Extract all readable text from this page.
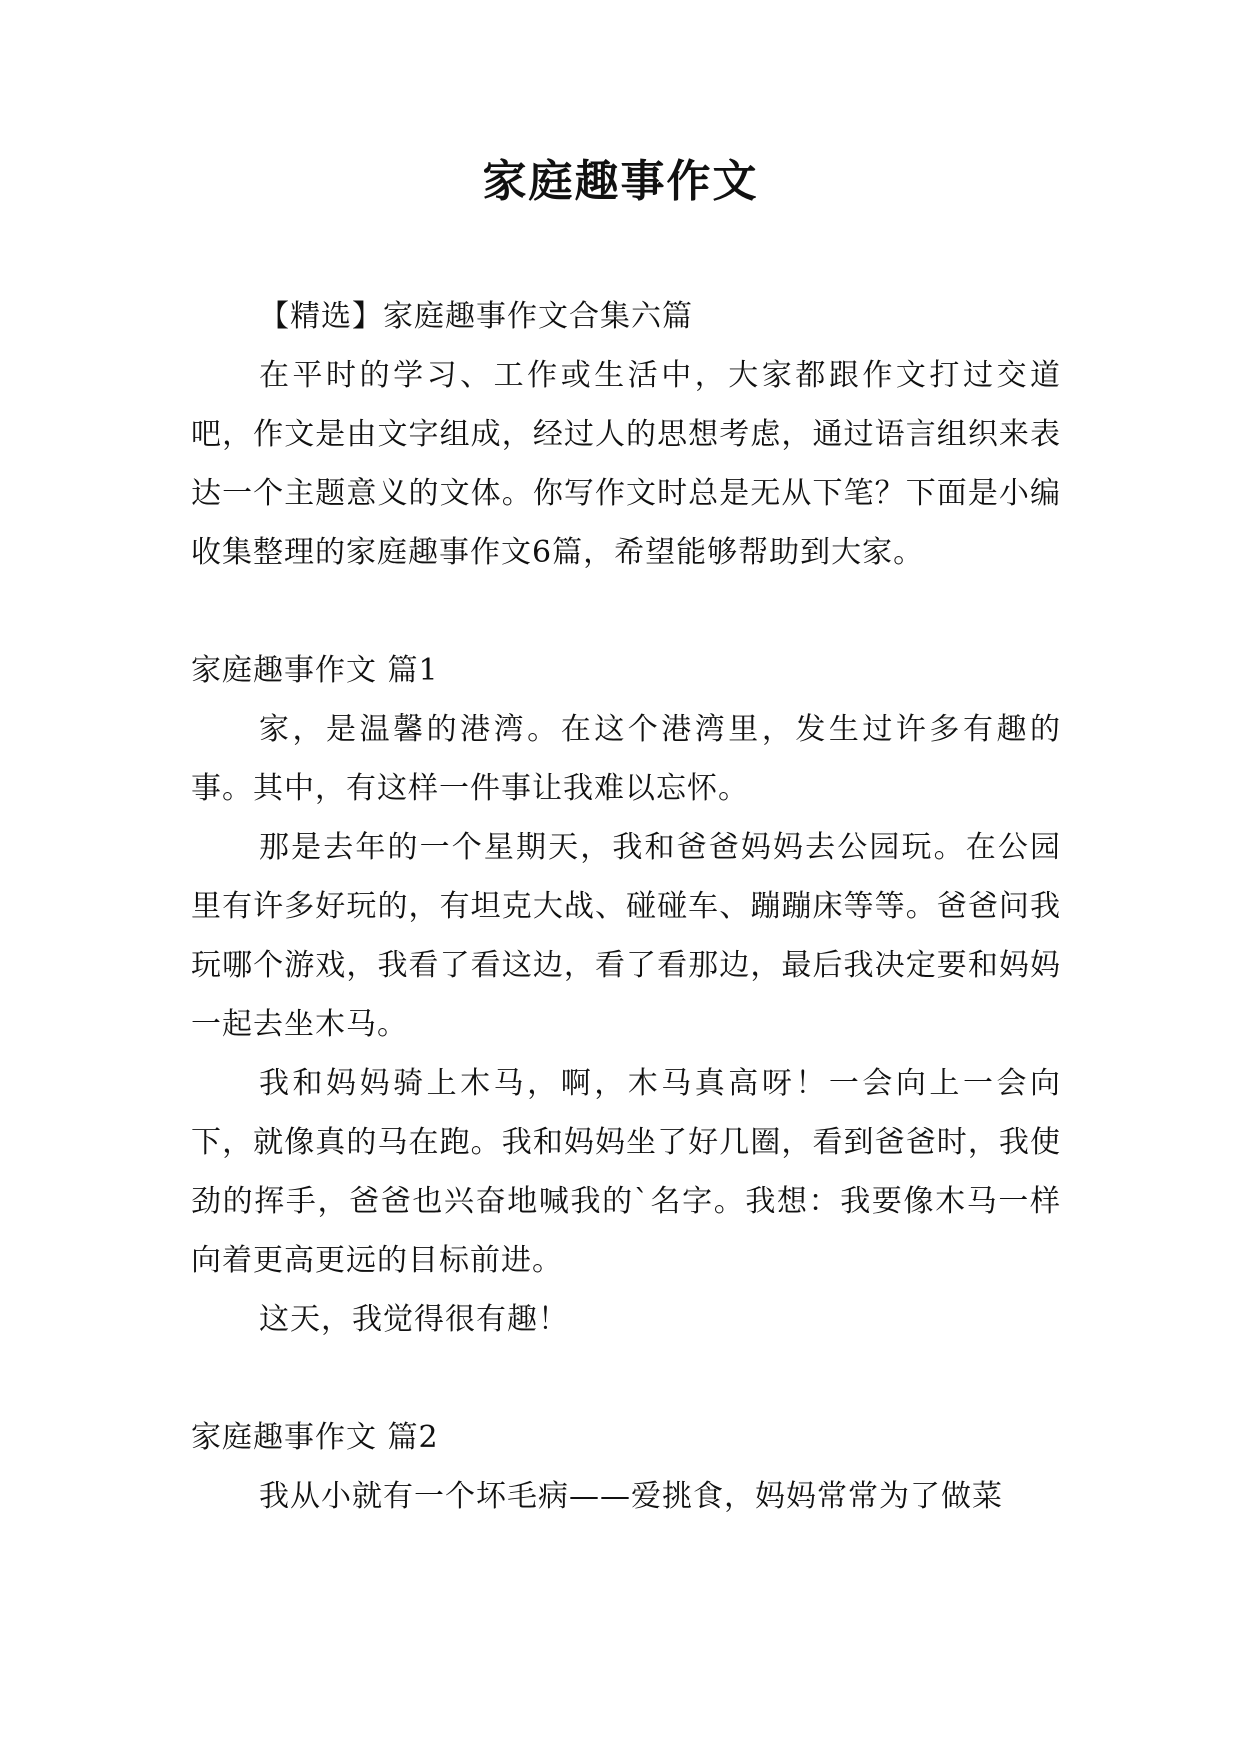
家庭趣事作文

【精选】家庭趣事作文合集六篇

在平时的学习、工作或生活中，大家都跟作文打过交道吧，作文是由文字组成，经过人的思想考虑，通过语言组织来表达一个主题意义的文体。你写作文时总是无从下笔？下面是小编收集整理的家庭趣事作文6篇，希望能够帮助到大家。

家庭趣事作文 篇1

家，是温馨的港湾。在这个港湾里，发生过许多有趣的事。其中，有这样一件事让我难以忘怀。

那是去年的一个星期天，我和爸爸妈妈去公园玩。在公园里有许多好玩的，有坦克大战、碰碰车、蹦蹦床等等。爸爸问我玩哪个游戏，我看了看这边，看了看那边，最后我决定要和妈妈一起去坐木马。

我和妈妈骑上木马，啊，木马真高呀！一会向上一会向下，就像真的马在跑。我和妈妈坐了好几圈，看到爸爸时，我使劲的挥手，爸爸也兴奋地喊我的`名字。我想：我要像木马一样向着更高更远的目标前进。

这天，我觉得很有趣！

家庭趣事作文 篇2

我从小就有一个坏毛病——爱挑食，妈妈常常为了做菜
